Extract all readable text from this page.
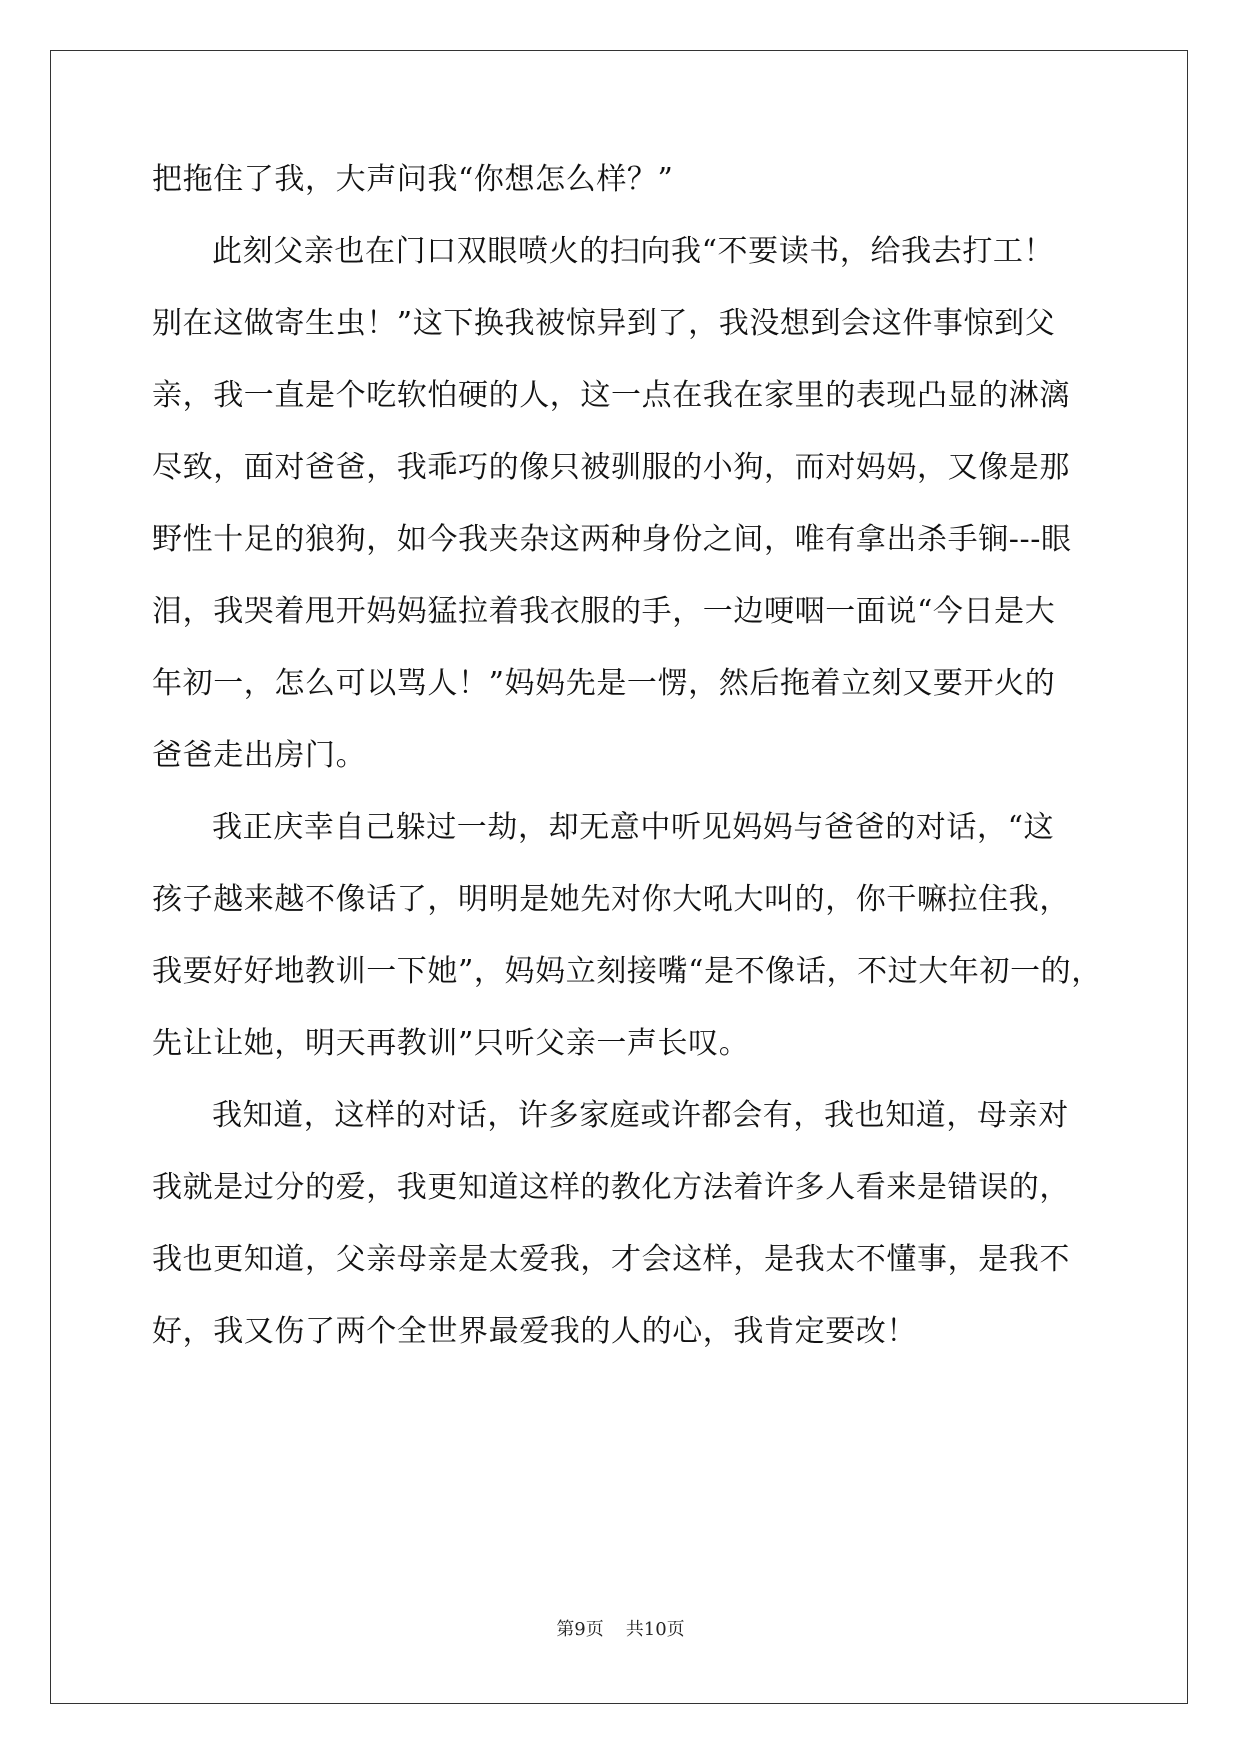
把拖住了我，大声问我“你想怎么样？”
此刻父亲也在门口双眼喷火的扫向我“不要读书，给我去打工！
别在这做寄生虫！”这下换我被惊异到了，我没想到会这件事惊到父
亲，我一直是个吃软怕硬的人，这一点在我在家里的表现凸显的淋漓
尽致，面对爸爸，我乖巧的像只被驯服的小狗，而对妈妈，又像是那
野性十足的狼狗，如今我夹杂这两种身份之间，唯有拿出杀手锏---眼
泪，我哭着甩开妈妈猛拉着我衣服的手，一边哽咽一面说“今日是大
年初一，怎么可以骂人！”妈妈先是一愣，然后拖着立刻又要开火的
爸爸走出房门。
我正庆幸自己躲过一劫，却无意中听见妈妈与爸爸的对话，“这
孩子越来越不像话了，明明是她先对你大吼大叫的，你干嘛拉住我，
我要好好地教训一下她”，妈妈立刻接嘴“是不像话，不过大年初一的，
先让让她，明天再教训”只听父亲一声长叹。
我知道，这样的对话，许多家庭或许都会有，我也知道，母亲对
我就是过分的爱，我更知道这样的教化方法着许多人看来是错误的，
我也更知道，父亲母亲是太爱我，才会这样，是我太不懂事，是我不
好，我又伤了两个全世界最爱我的人的心，我肯定要改！
第9页 共10页
